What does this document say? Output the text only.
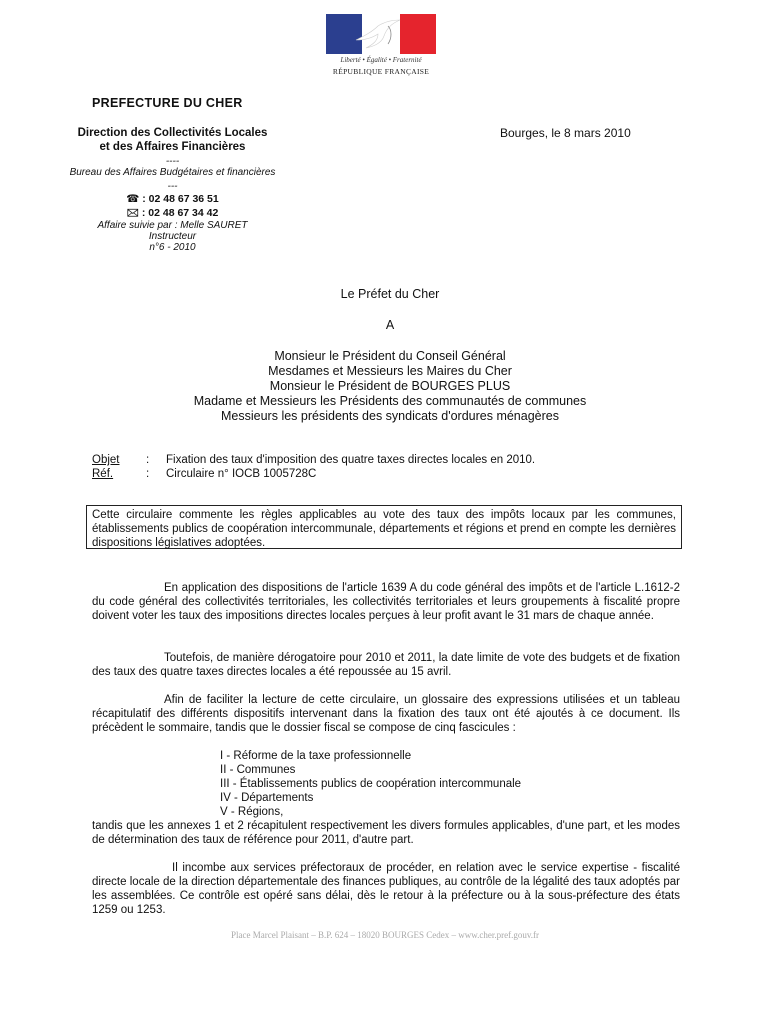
Liberté • Égalité • Fraternité
RÉPUBLIQUE FRANÇAISE
PREFECTURE DU CHER
Direction des Collectivités Locales
et des Affaires Financières
----
Bureau des Affaires Budgétaires et financières
---
☎ : 02 48 67 36 51
🖂 : 02 48 67 34 42
Affaire suivie par : Melle SAURET
Instructeur
n°6 - 2010
Bourges, le 8 mars 2010
Le Préfet du Cher
A
Monsieur le Président du Conseil Général
Mesdames et Messieurs les Maires du Cher
Monsieur le Président de BOURGES PLUS
Madame et Messieurs les Présidents des communautés de communes
Messieurs les présidents des syndicats d'ordures ménagères
Objet : Fixation des taux d'imposition des quatre taxes directes locales en 2010.
Réf.	: Circulaire n° IOCB 1005728C
Cette circulaire commente les règles applicables au vote des taux des impôts locaux par les communes, établissements publics de coopération intercommunale, départements et régions et prend en compte les dernières dispositions législatives adoptées.
En application des dispositions de l'article 1639 A du code général des impôts et de l'article L.1612-2 du code général des collectivités territoriales, les collectivités territoriales et leurs groupements à fiscalité propre doivent voter les taux des impositions directes locales perçues à leur profit avant le 31 mars de chaque année.
Toutefois, de manière dérogatoire pour 2010 et 2011, la date limite de vote des budgets et de fixation des taux des quatre taxes directes locales a été repoussée au 15 avril.
Afin de faciliter la lecture de cette circulaire, un glossaire des expressions utilisées et un tableau récapitulatif des différents dispositifs intervenant dans la fixation des taux ont été ajoutés à ce document. Ils précèdent le sommaire, tandis que le dossier fiscal se compose de cinq fascicules :
I - Réforme de la taxe professionnelle
II - Communes
III - Établissements publics de coopération intercommunale
IV - Départements
V - Régions,
tandis que les annexes 1 et 2 récapitulent respectivement les divers formules applicables, d'une part, et les modes de détermination des taux de référence pour 2011, d'autre part.
Il incombe aux services préfectoraux de procéder, en relation avec le service expertise - fiscalité directe locale de la direction départementale des finances publiques, au contrôle de la légalité des taux adoptés par les assemblées. Ce contrôle est opéré sans délai, dès le retour à la préfecture ou à la sous-préfecture des états 1259 ou 1253.
Place Marcel Plaisant – B.P. 624 – 18020 BOURGES Cedex – www.cher.pref.gouv.fr
